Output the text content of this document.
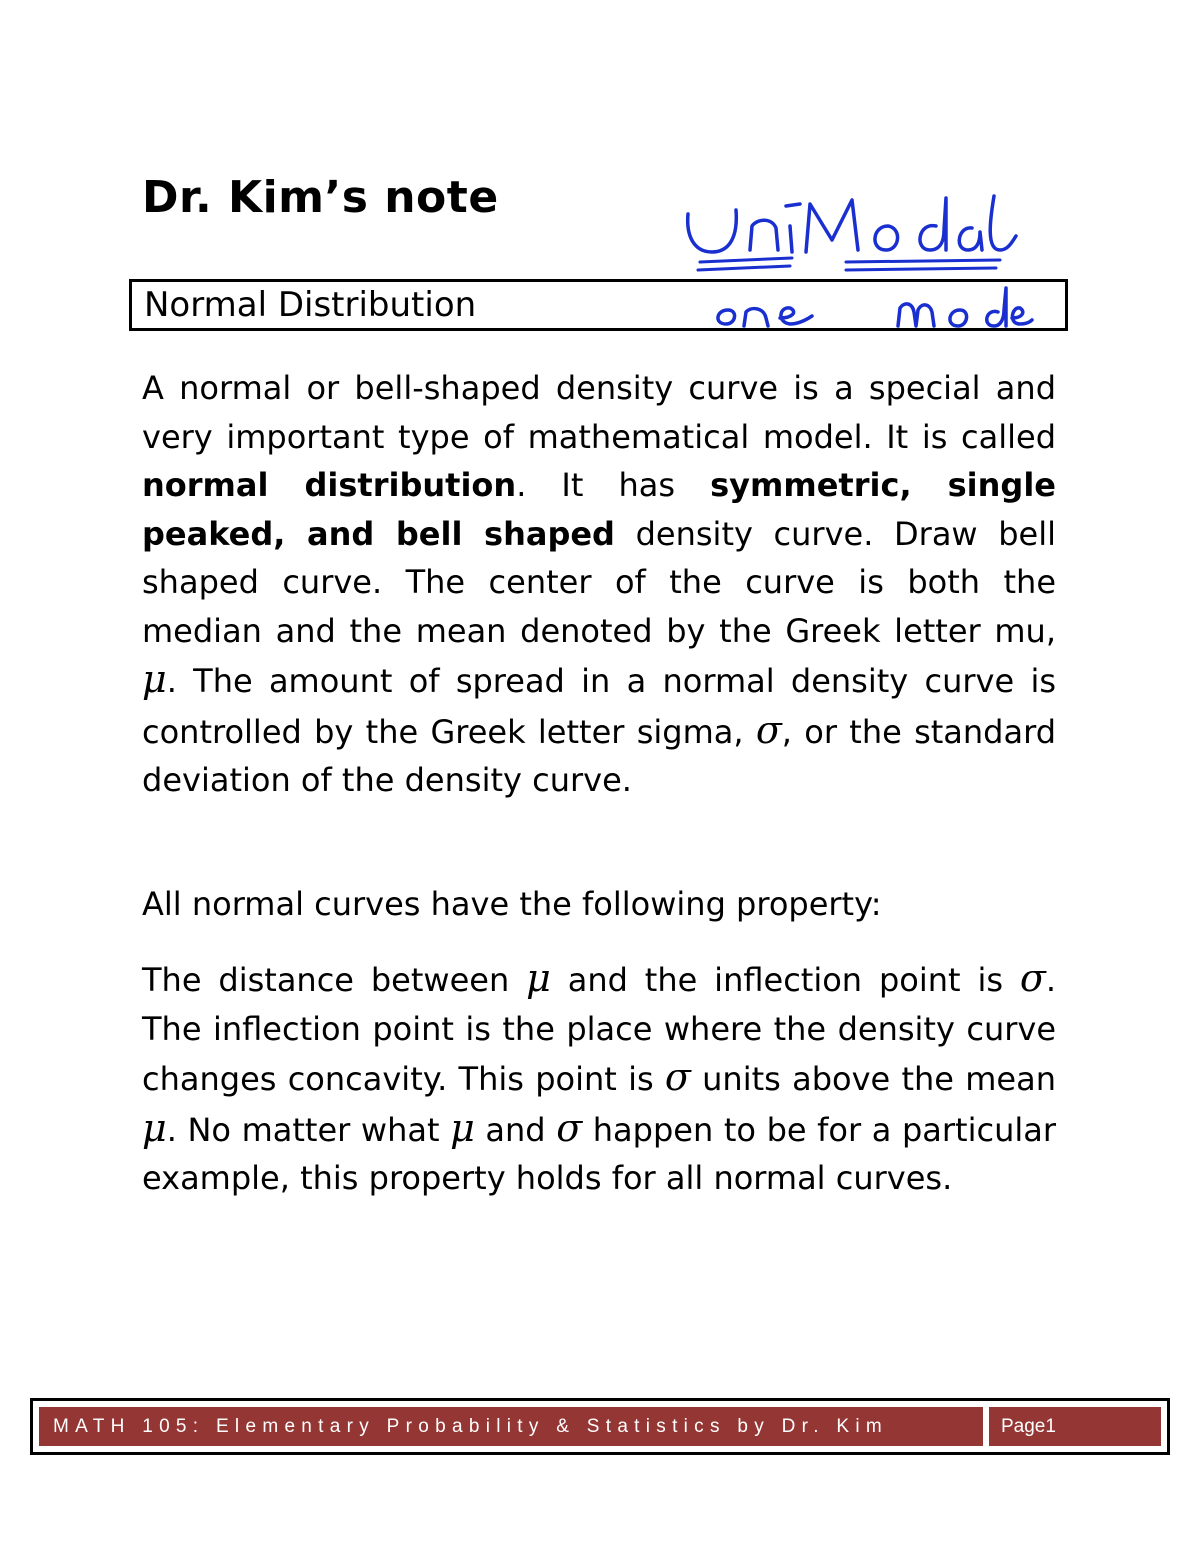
Dr. Kim’s note
Normal Distribution

A normal or bell-shaped density curve is a special and very important type of mathematical model. It is called normal distribution. It has symmetric, single peaked, and bell shaped density curve. Draw bell shaped curve. The center of the curve is both the median and the mean denoted by the Greek letter mu, μ. The amount of spread in a normal density curve is controlled by the Greek letter sigma, σ, or the standard deviation of the density curve.

All normal curves have the following property:

The distance between μ and the inflection point is σ. The inflection point is the place where the density curve changes concavity. This point is σ units above the mean μ. No matter what μ and σ happen to be for a particular example, this property holds for all normal curves.

MATH 105: Elementary Probability & Statistics by Dr. Kim	Page1
